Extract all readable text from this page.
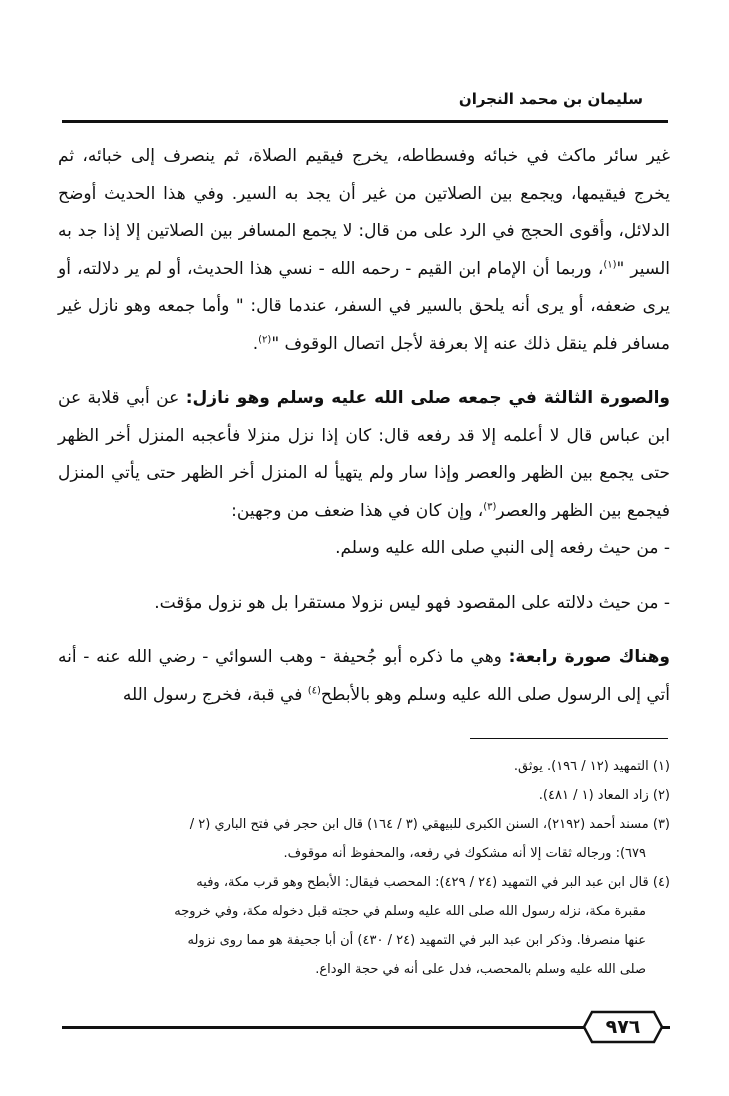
سليمان بن محمد النجران

غير سائر ماكث في خبائه وفسطاطه، يخرج فيقيم الصلاة، ثم ينصرف إلى خبائه، ثم يخرج فيقيمها، ويجمع بين الصلاتين من غير أن يجد به السير. وفي هذا الحديث أوضح الدلائل، وأقوى الحجج في الرد على من قال: لا يجمع المسافر بين الصلاتين إلا إذا جد به السير "$^{(١)}$، وربما أن الإمام ابن القيم - رحمه الله - نسي هذا الحديث، أو لم ير دلالته، أو يرى ضعفه، أو يرى أنه يلحق بالسير في السفر، عندما قال: " وأما جمعه وهو نازل غير مسافر فلم ينقل ذلك عنه إلا بعرفة لأجل اتصال الوقوف "$^{(٢)}$.

والصورة الثالثة في جمعه صلى الله عليه وسلم وهو نازل: عن أبي قلابة عن ابن عباس قال لا أعلمه إلا قد رفعه قال: كان إذا نزل منزلا فأعجبه المنزل أخر الظهر حتى يجمع بين الظهر والعصر وإذا سار ولم يتهيأ له المنزل أخر الظهر حتى يأتي المنزل فيجمع بين الظهر والعصر$^{(٣)}$، وإن كان في هذا ضعف من وجهين:

- من حيث رفعه إلى النبي صلى الله عليه وسلم.

- من حيث دلالته على المقصود فهو ليس نزولا مستقرا بل هو نزول مؤقت.

وهناك صورة رابعة: وهي ما ذكره أبو جُحيفة - وهب السوائي - رضي الله عنه - أنه أتي إلى الرسول صلى الله عليه وسلم وهو بالأبطح$^{(٤)}$ في قبة، فخرج رسول الله

(١) التمهيد (١٢ / ١٩٦). يوثق.

(٢) زاد المعاد (١ / ٤٨١).

(٣) مسند أحمد (٢١٩٢)، السنن الكبرى للبيهقي (٣ / ١٦٤) قال ابن حجر في فتح الباري (٢ /
٦٧٩): ورجاله ثقات إلا أنه مشكوك في رفعه، والمحفوظ أنه موقوف.

(٤) قال ابن عبد البر في التمهيد (٢٤ / ٤٢٩): المحصب فيقال: الأبطح وهو قرب مكة، وفيه
مقبرة مكة، نزله رسول الله صلى الله عليه وسلم في حجته قبل دخوله مكة، وفي خروجه
عنها منصرفا. وذكر ابن عبد البر في التمهيد (٢٤ / ٤٣٠) أن أبا جحيفة هو مما روى نزوله
صلى الله عليه وسلم بالمحصب، فدل على أنه في حجة الوداع.

٩٧٦
